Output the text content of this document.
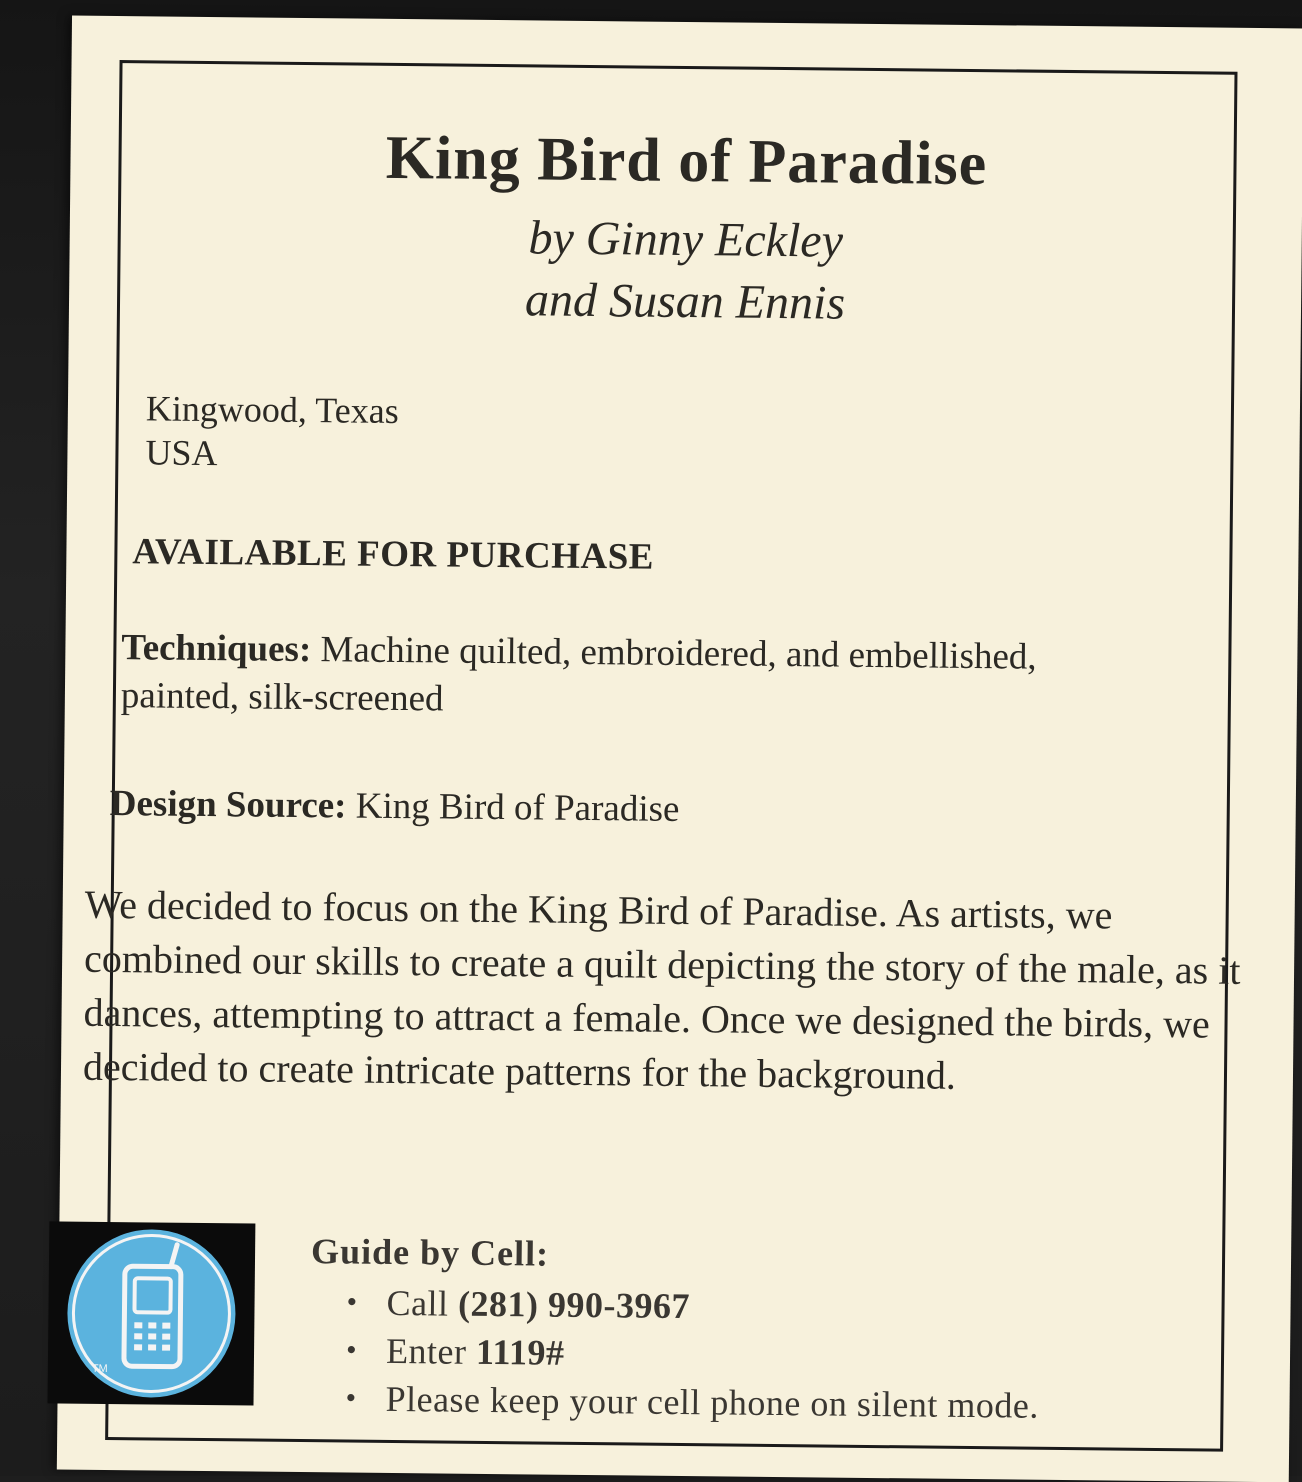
King Bird of Paradise
by Ginny Eckley
and Susan Ennis
Kingwood, Texas
USA
AVAILABLE FOR PURCHASE
Techniques: Machine quilted, embroidered, and embellished, painted, silk-screened
Design Source: King Bird of Paradise
We decided to focus on the King Bird of Paradise. As artists, we combined our skills to create a quilt depicting the story of the male, as it dances, attempting to attract a female. Once we designed the birds, we decided to create intricate patterns for the background.
TM
Guide by Cell:
• Call (281) 990-3967
• Enter 1119#
• Please keep your cell phone on silent mode.
